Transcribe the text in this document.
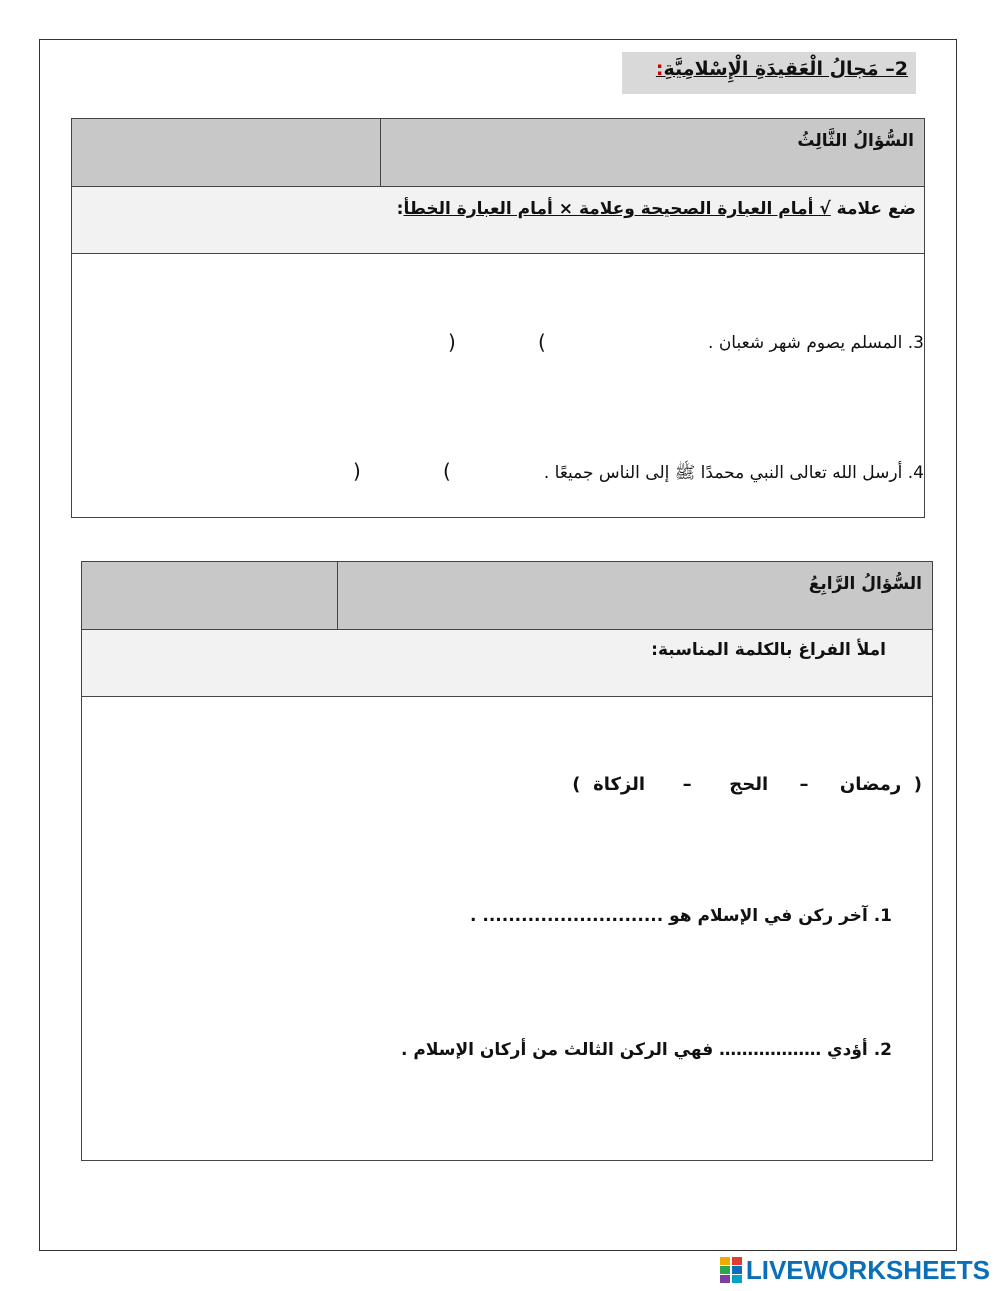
2– مَجالُ الْعَقيدَةِ الْإِسْلامِيَّةِ:
السُّؤالُ الثَّالِثُ
ضع علامة √ أمام العبارة الصحيحة وعلامة × أمام العبارة الخطأ:
3. المسلم يصوم شهر شعبان .
(
)
4. أرسل الله تعالى النبي محمدًا ﷺ إلى الناس جميعًا .
(
)
السُّؤالُ الرَّابِعُ
املأ الفراغ بالكلمة المناسبة:
(  رمضان     –     الحج      –      الزكاة  )
1. آخر ركن في الإسلام هو ............................ .
2. أؤدي ……………… فهي الركن الثالث من أركان الإسلام .
LIVEWORKSHEETS
